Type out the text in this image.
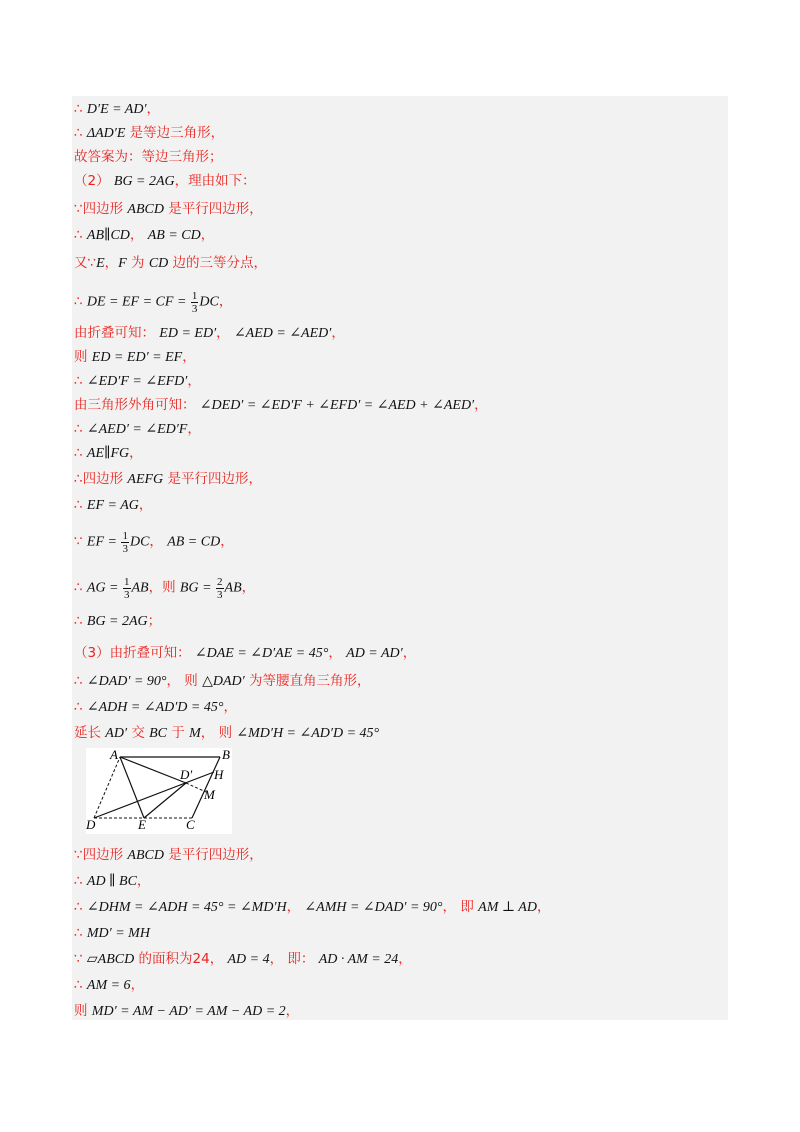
∴ D′E = AD′，
∴ ΔAD′E 是等边三角形，
故答案为：等边三角形；
（2） BG = 2AG，理由如下：
∵四边形 ABCD 是平行四边形，
∴ AB∥CD， AB = CD，
又∵E，F 为 CD 边的三等分点，
∴ DE = EF = CF = $\frac{1}{3}$ DC，
由折叠可知： ED = ED′， ∠AED = ∠AED′，
则 ED = ED′ = EF，
∴ ∠ED′F = ∠EFD′，
由三角形外角可知： ∠DED′ = ∠ED′F + ∠EFD′ = ∠AED + ∠AED′，
∴ ∠AED′ = ∠ED′F，
∴ AE∥FG，
∴四边形 AEFG 是平行四边形，
∴ EF = AG，
∵ EF = $\frac{1}{3}$ DC， AB = CD，
∴ AG = $\frac{1}{3}$ AB，则 BG = $\frac{2}{3}$ AB，
∴ BG = 2AG；
（3）由折叠可知： ∠DAE = ∠D′AE = 45°， AD = AD′，
∴ ∠DAD′ = 90°， 则 △DAD′ 为等腰直角三角形，
∴ ∠ADH = ∠AD′D = 45°，
延长 AD′ 交 BC 于 M， 则 ∠MD′H = ∠AD′D = 45°
∵四边形 ABCD 是平行四边形，
∴ AD ∥ BC，
∴ ∠DHM = ∠ADH = 45° = ∠MD′H， ∠AMH = ∠DAD′ = 90°， 即 AM ⊥ AD，
∴ MD′ = MH
∵ ▱ABCD 的面积为24， AD = 4， 即： AD · AM = 24，
∴ AM = 6，
则 MD′ = AM − AD′ = AM − AD = 2，
A	B
D′ H
M
D	E	C
